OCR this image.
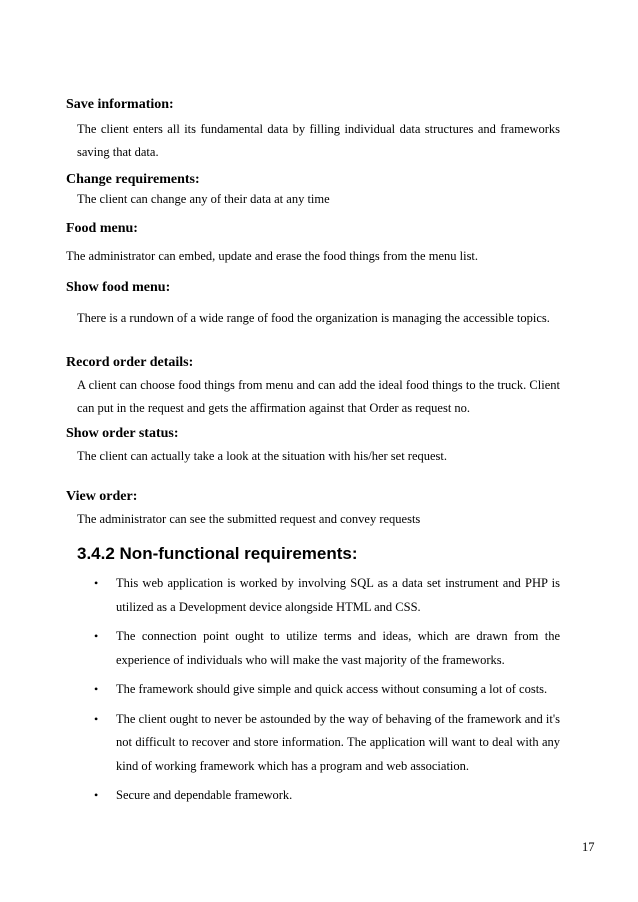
Save information:

The client enters all its fundamental data by filling individual data structures and frameworks saving that data.

Change requirements:

The client can change any of their data at any time

Food menu:

The administrator can embed, update and erase the food things from the menu list.

Show food menu:

There is a rundown of a wide range of food the organization is managing the accessible topics.

Record order details:

A client can choose food things from menu and can add the ideal food things to the truck. Client can put in the request and gets the affirmation against that Order as request no.

Show order status:

The client can actually take a look at the situation with his/her set request.

View order:

The administrator can see the submitted request and convey requests

3.4.2 Non-functional requirements:
• This web application is worked by involving SQL as a data set instrument and PHP is utilized as a Development device alongside HTML and CSS.
• The connection point ought to utilize terms and ideas, which are drawn from the experience of individuals who will make the vast majority of the frameworks.
• The framework should give simple and quick access without consuming a lot of costs.
• The client ought to never be astounded by the way of behaving of the framework and it's not difficult to recover and store information. The application will want to deal with any kind of working framework which has a program and web association.
• Secure and dependable framework.

17
